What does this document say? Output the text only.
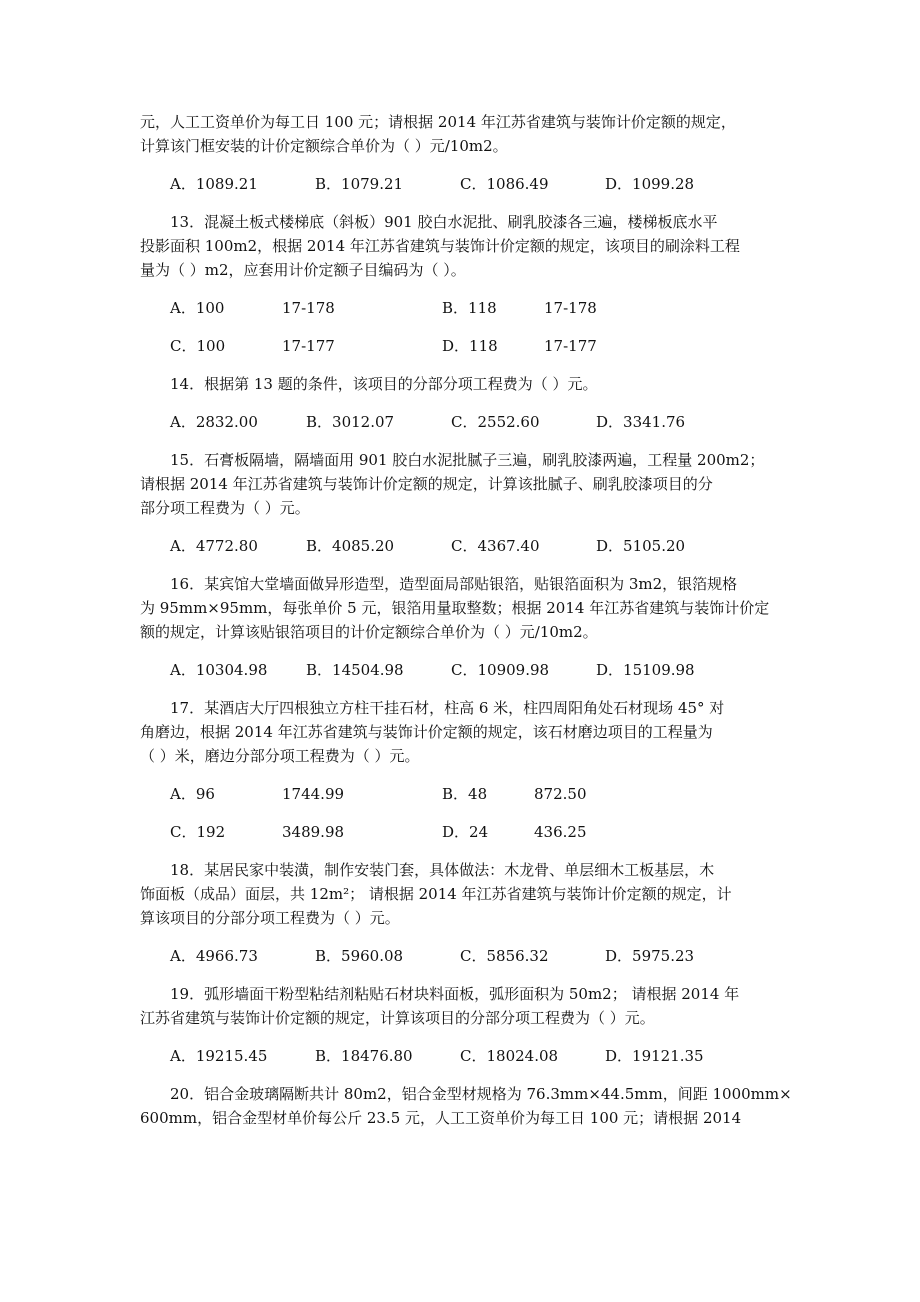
元，人工工资单价为每工日 100 元；请根据 2014 年江苏省建筑与装饰计价定额的规定，
计算该门框安装的计价定额综合单价为（ ）元/10m2。
A．1089.21	B．1079.21	C．1086.49	D．1099.28
13．混凝土板式楼梯底（斜板）901 胶白水泥批、刷乳胶漆各三遍，楼梯板底水平
投影面积 100m2，根据 2014 年江苏省建筑与装饰计价定额的规定，该项目的刷涂料工程
量为（ ）m2，应套用计价定额子目编码为（ ）。
A．100	17-178	B．118	17-178
C．100	17-177	D．118	17-177
14．根据第 13 题的条件，该项目的分部分项工程费为（ ）元。
A．2832.00	B．3012.07	C．2552.60	D．3341.76
15．石膏板隔墙，隔墙面用 901 胶白水泥批腻子三遍，刷乳胶漆两遍，工程量 200m2；
请根据 2014 年江苏省建筑与装饰计价定额的规定，计算该批腻子、刷乳胶漆项目的分
部分项工程费为（ ）元。
A．4772.80	B．4085.20	C．4367.40	D．5105.20
16．某宾馆大堂墙面做异形造型，造型面局部贴银箔，贴银箔面积为 3m2，银箔规格
为 95mm×95mm，每张单价 5 元，银箔用量取整数；根据 2014 年江苏省建筑与装饰计价定
额的规定，计算该贴银箔项目的计价定额综合单价为（ ）元/10m2。
A．10304.98	B．14504.98	C．10909.98	D．15109.98
17．某酒店大厅四根独立方柱干挂石材，柱高 6 米，柱四周阳角处石材现场 45° 对
角磨边，根据 2014 年江苏省建筑与装饰计价定额的规定，该石材磨边项目的工程量为
（ ）米，磨边分部分项工程费为（ ）元。
A．96	1744.99	B．48	872.50
C．192	3489.98	D．24	436.25
18．某居民家中装潢，制作安装门套，具体做法：木龙骨、单层细木工板基层，木
饰面板（成品）面层，共 12m²； 请根据 2014 年江苏省建筑与装饰计价定额的规定，计
算该项目的分部分项工程费为（ ）元。
A．4966.73	B．5960.08	C．5856.32	D．5975.23
19．弧形墙面干粉型粘结剂粘贴石材块料面板，弧形面积为 50m2； 请根据 2014 年
江苏省建筑与装饰计价定额的规定，计算该项目的分部分项工程费为（ ）元。
A．19215.45	B．18476.80	C．18024.08	D．19121.35
20．铝合金玻璃隔断共计 80m2，铝合金型材规格为 76.3mm×44.5mm，间距 1000mm×
600mm，铝合金型材单价每公斤 23.5 元，人工工资单价为每工日 100 元；请根据 2014
